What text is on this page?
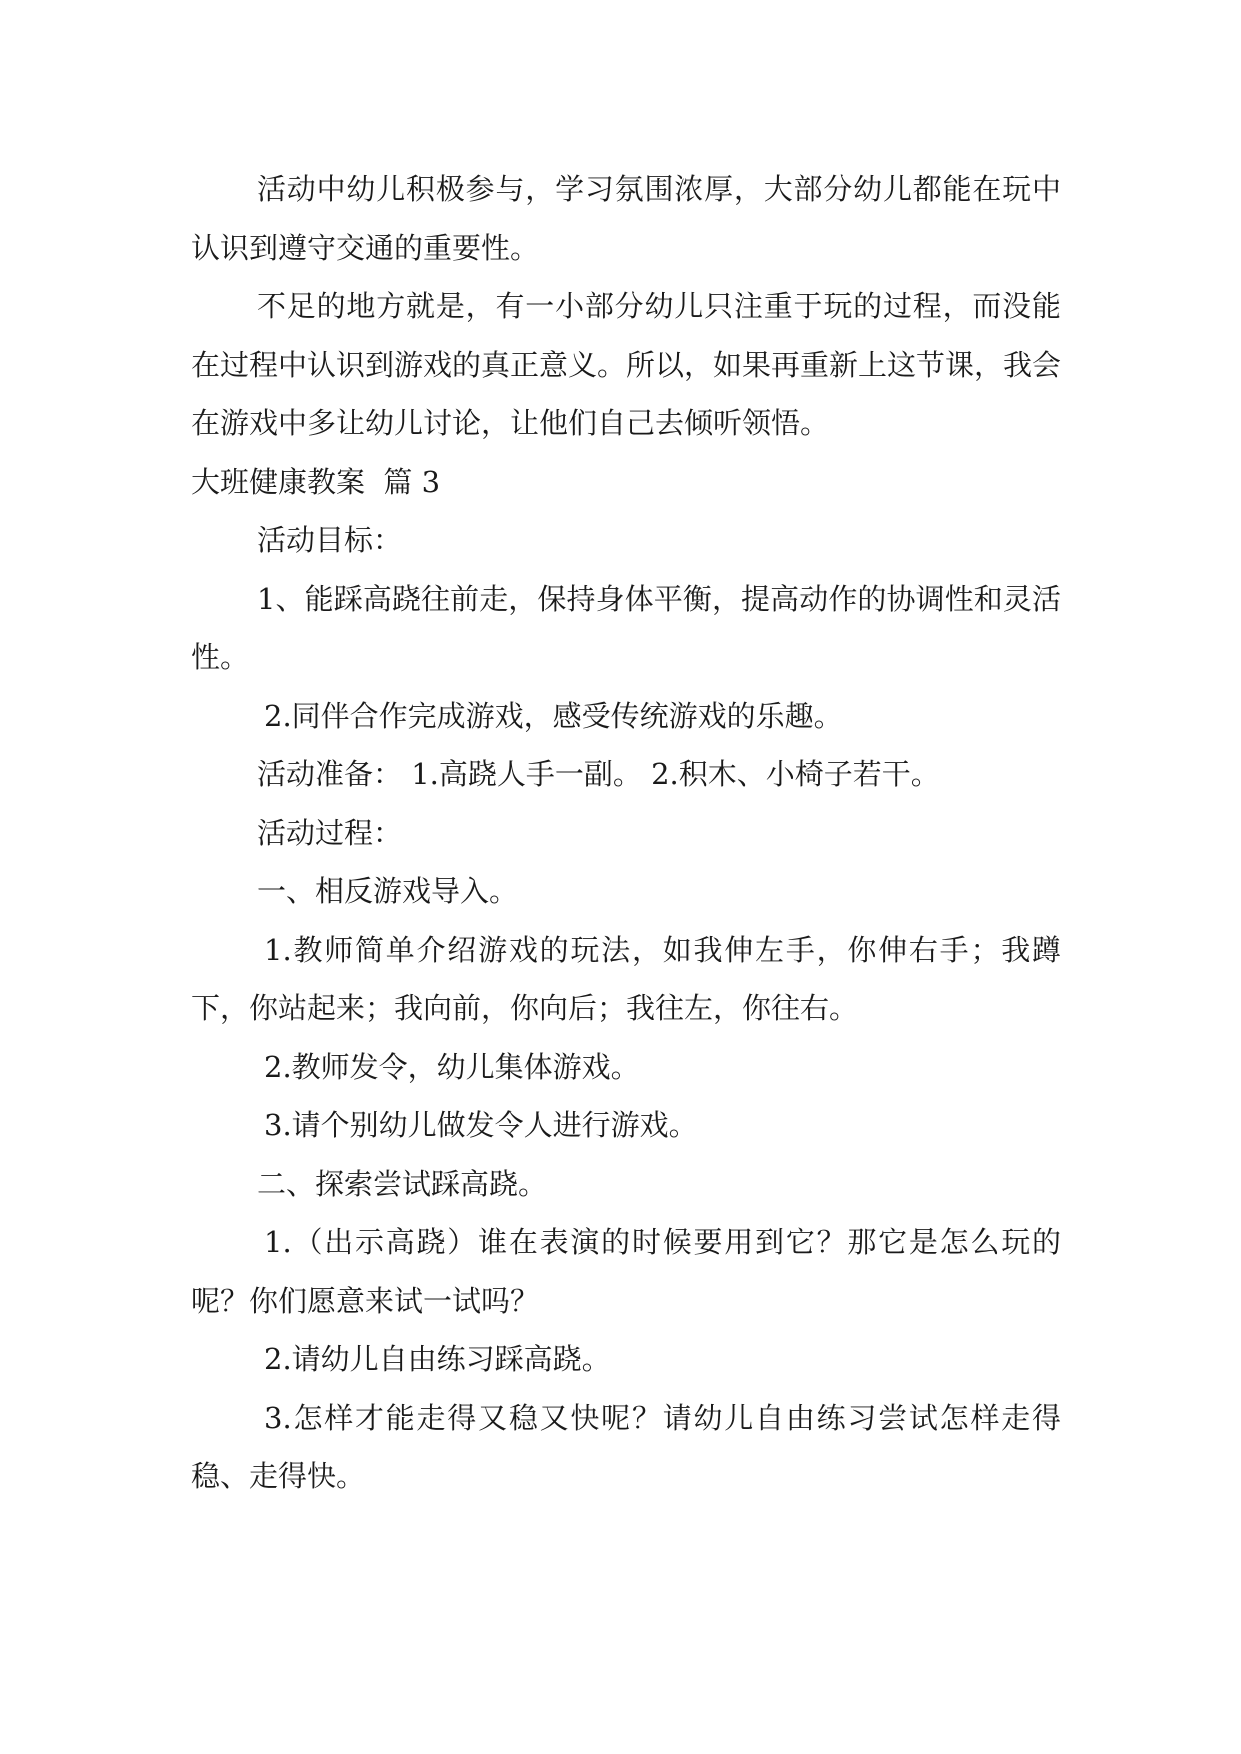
活动中幼儿积极参与，学习氛围浓厚，大部分幼儿都能在玩中认识到遵守交通的重要性。

不足的地方就是，有一小部分幼儿只注重于玩的过程，而没能在过程中认识到游戏的真正意义。所以，如果再重新上这节课，我会在游戏中多让幼儿讨论，让他们自己去倾听领悟。

大班健康教案  篇 3

活动目标：

1、能踩高跷往前走，保持身体平衡，提高动作的协调性和灵活性。

2.同伴合作完成游戏，感受传统游戏的乐趣。

活动准备： 1.高跷人手一副。 2.积木、小椅子若干。

活动过程：

一、相反游戏导入。

1.教师简单介绍游戏的玩法，如我伸左手，你伸右手；我蹲下，你站起来；我向前，你向后；我往左，你往右。

2.教师发令，幼儿集体游戏。

3.请个别幼儿做发令人进行游戏。

二、探索尝试踩高跷。

1.（出示高跷）谁在表演的时候要用到它？那它是怎么玩的呢？你们愿意来试一试吗？

2.请幼儿自由练习踩高跷。

3.怎样才能走得又稳又快呢？请幼儿自由练习尝试怎样走得稳、走得快。
